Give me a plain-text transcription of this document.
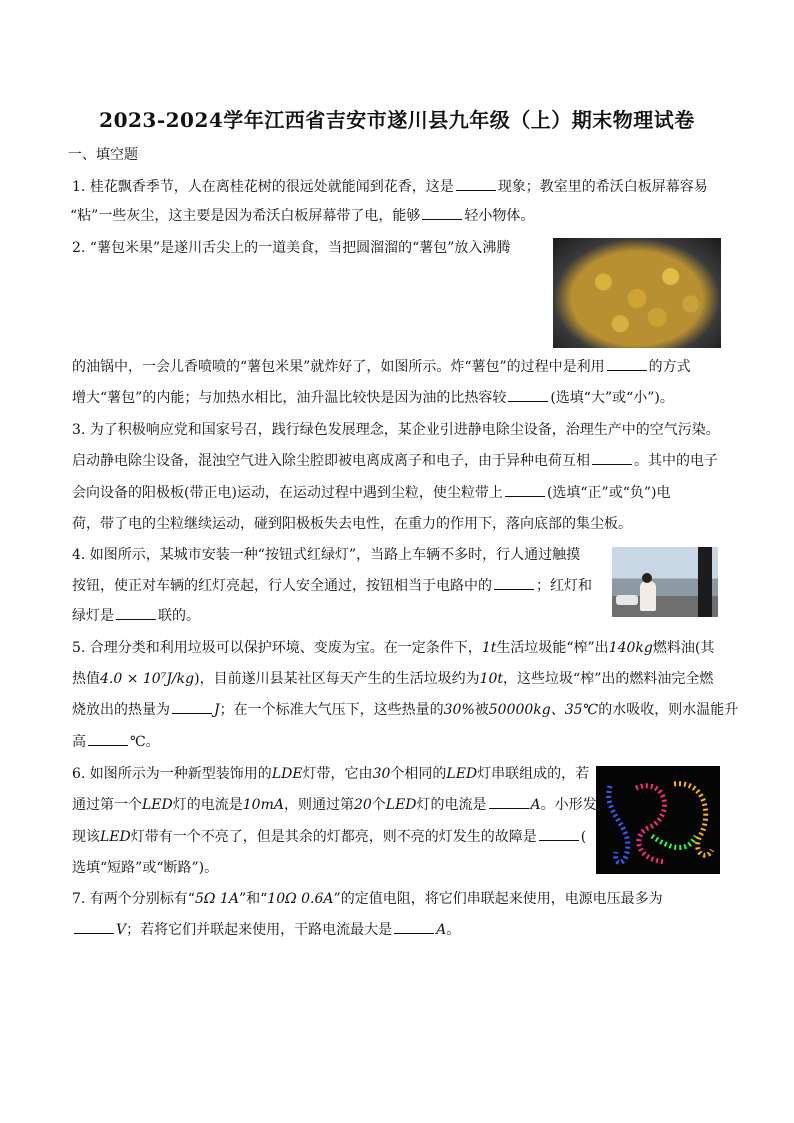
2023-2024学年江西省吉安市遂川县九年级（上）期末物理试卷
一、填空题
1. 桂花飘香季节，人在离桂花树的很远处就能闻到花香，这是	现象；教室里的希沃白板屏幕容易
“粘”一些灰尘，这主要是因为希沃白板屏幕带了电，能够	轻小物体。
2. “薯包米果”是遂川舌尖上的一道美食，当把圆溜溜的“薯包”放入沸腾
的油锅中，一会儿香喷喷的“薯包米果”就炸好了，如图所示。炸“薯包”的过程中是利用	的方式
增大“薯包”的内能；与加热水相比，油升温比较快是因为油的比热容较	(选填“大”或“小”)。
3. 为了积极响应党和国家号召，践行绿色发展理念，某企业引进静电除尘设备，治理生产中的空气污染。
启动静电除尘设备，混浊空气进入除尘腔即被电离成离子和电子，由于异种电荷互相	。其中的电子
会向设备的阳极板(带正电)运动，在运动过程中遇到尘粒，使尘粒带上	(选填“正”或“负”)电
荷，带了电的尘粒继续运动，碰到阳极板失去电性，在重力的作用下，落向底部的集尘板。
4. 如图所示，某城市安装一种“按钮式红绿灯”，当路上车辆不多时，行人通过触摸
按钮，使正对车辆的红灯亮起，行人安全通过，按钮相当于电路中的	；红灯和
绿灯是	联的。
5. 合理分类和利用垃圾可以保护环境、变废为宝。在一定条件下，1t生活垃圾能“榨”出140kg燃料油(其
热值4.0 × 10⁷J/kg)，目前遂川县某社区每天产生的生活垃圾约为10t，这些垃圾“榨”出的燃料油完全燃
烧放出的热量为	J；在一个标准大气压下，这些热量的30%被50000kg、35℃的水吸收，则水温能升
高	℃。
6. 如图所示为一种新型装饰用的LDE灯带，它由30个相同的LED灯串联组成的，若
通过第一个LED灯的电流是10mA，则通过第20个LED灯的电流是	A。小形发
现该LED灯带有一个不亮了，但是其余的灯都亮，则不亮的灯发生的故障是	(
选填“短路”或“断路”)。
7. 有两个分别标有“5Ω 1A”和“10Ω 0.6A”的定值电阻，将它们串联起来使用，电源电压最多为
V；若将它们并联起来使用，干路电流最大是	A。
